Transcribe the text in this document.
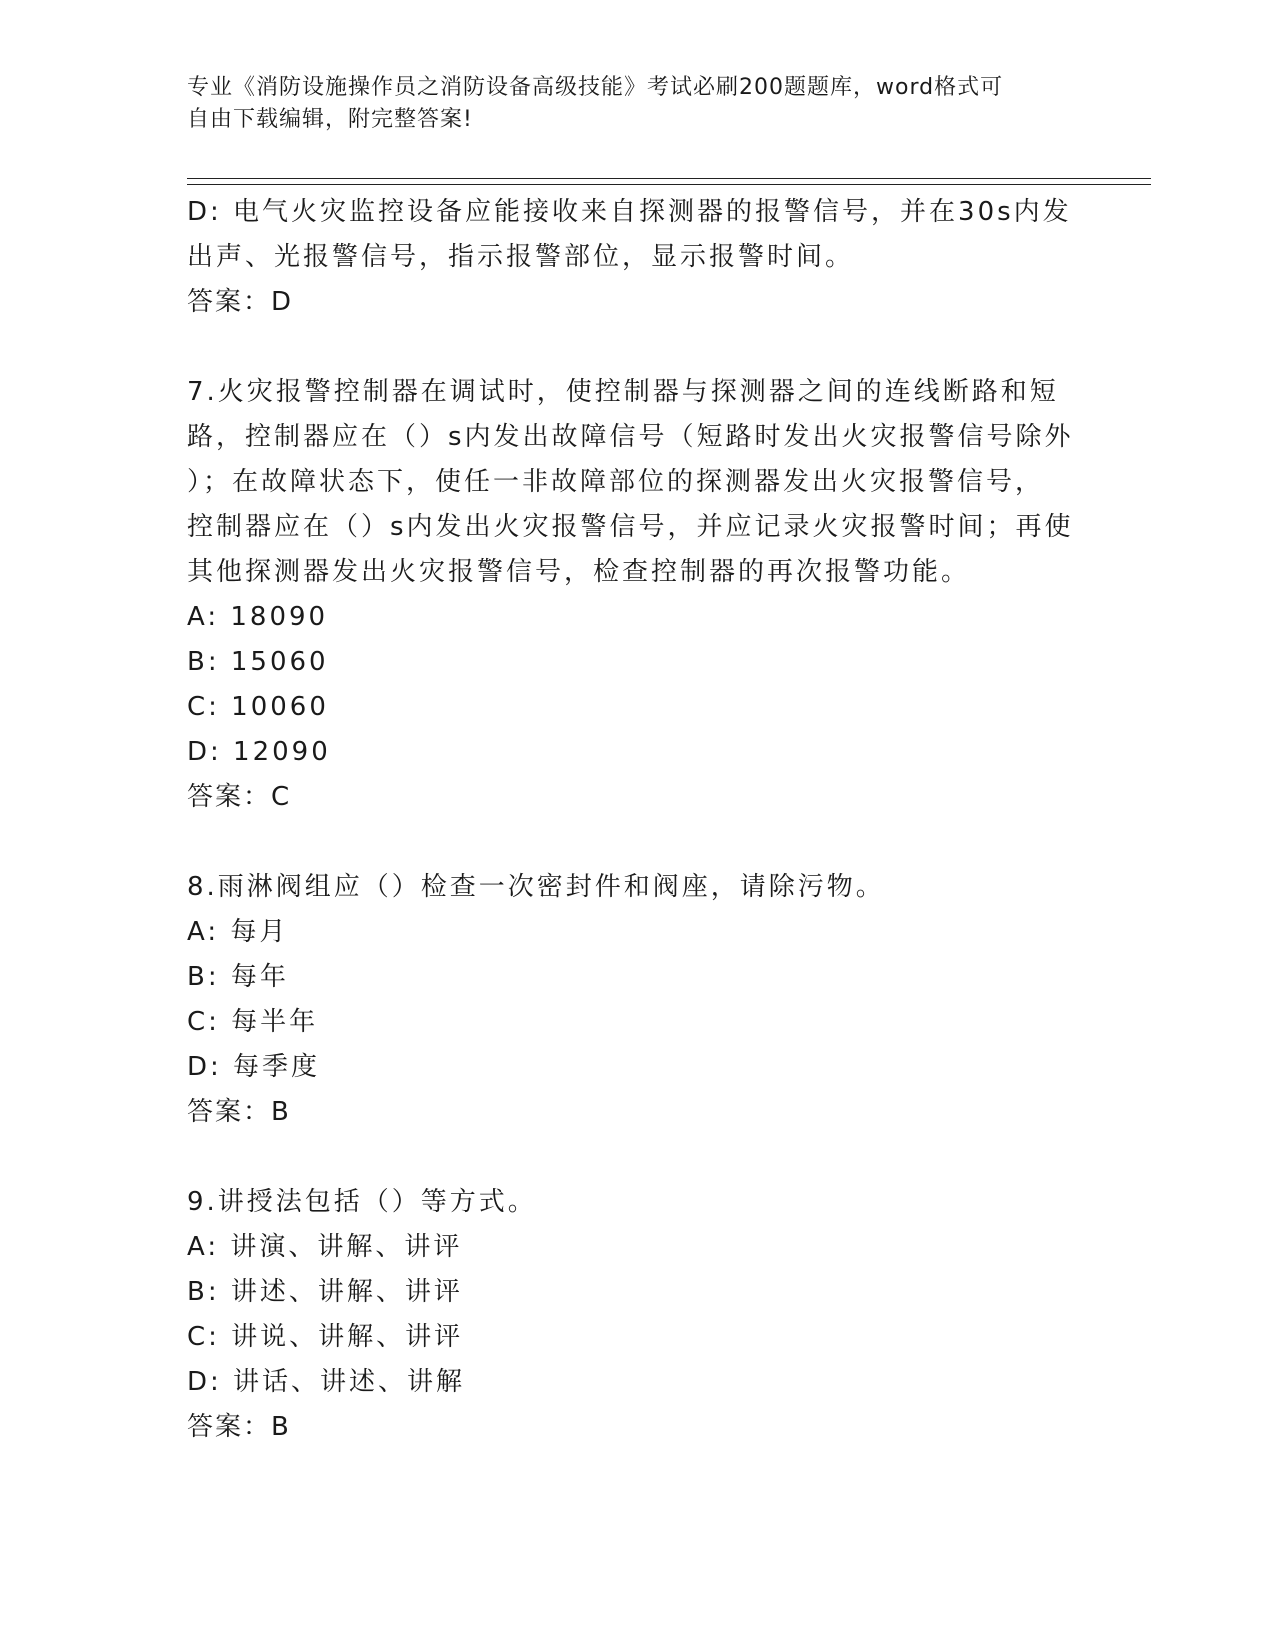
专业《消防设施操作员之消防设备高级技能》考试必刷200题题库，word格式可
自由下载编辑，附完整答案!
D: 电气火灾监控设备应能接收来自探测器的报警信号，并在30s内发
出声、光报警信号，指示报警部位，显示报警时间。
答案：D
7.火灾报警控制器在调试时，使控制器与探测器之间的连线断路和短
路，控制器应在（）s内发出故障信号（短路时发出火灾报警信号除外
）；在故障状态下，使任一非故障部位的探测器发出火灾报警信号，
控制器应在（）s内发出火灾报警信号，并应记录火灾报警时间；再使
其他探测器发出火灾报警信号，检查控制器的再次报警功能。
A: 18090
B: 15060
C: 10060
D: 12090
答案：C
8.雨淋阀组应（）检查一次密封件和阀座，请除污物。
A: 每月
B: 每年
C: 每半年
D: 每季度
答案：B
9.讲授法包括（）等方式。
A: 讲演、讲解、讲评
B: 讲述、讲解、讲评
C: 讲说、讲解、讲评
D: 讲话、讲述、讲解
答案：B
